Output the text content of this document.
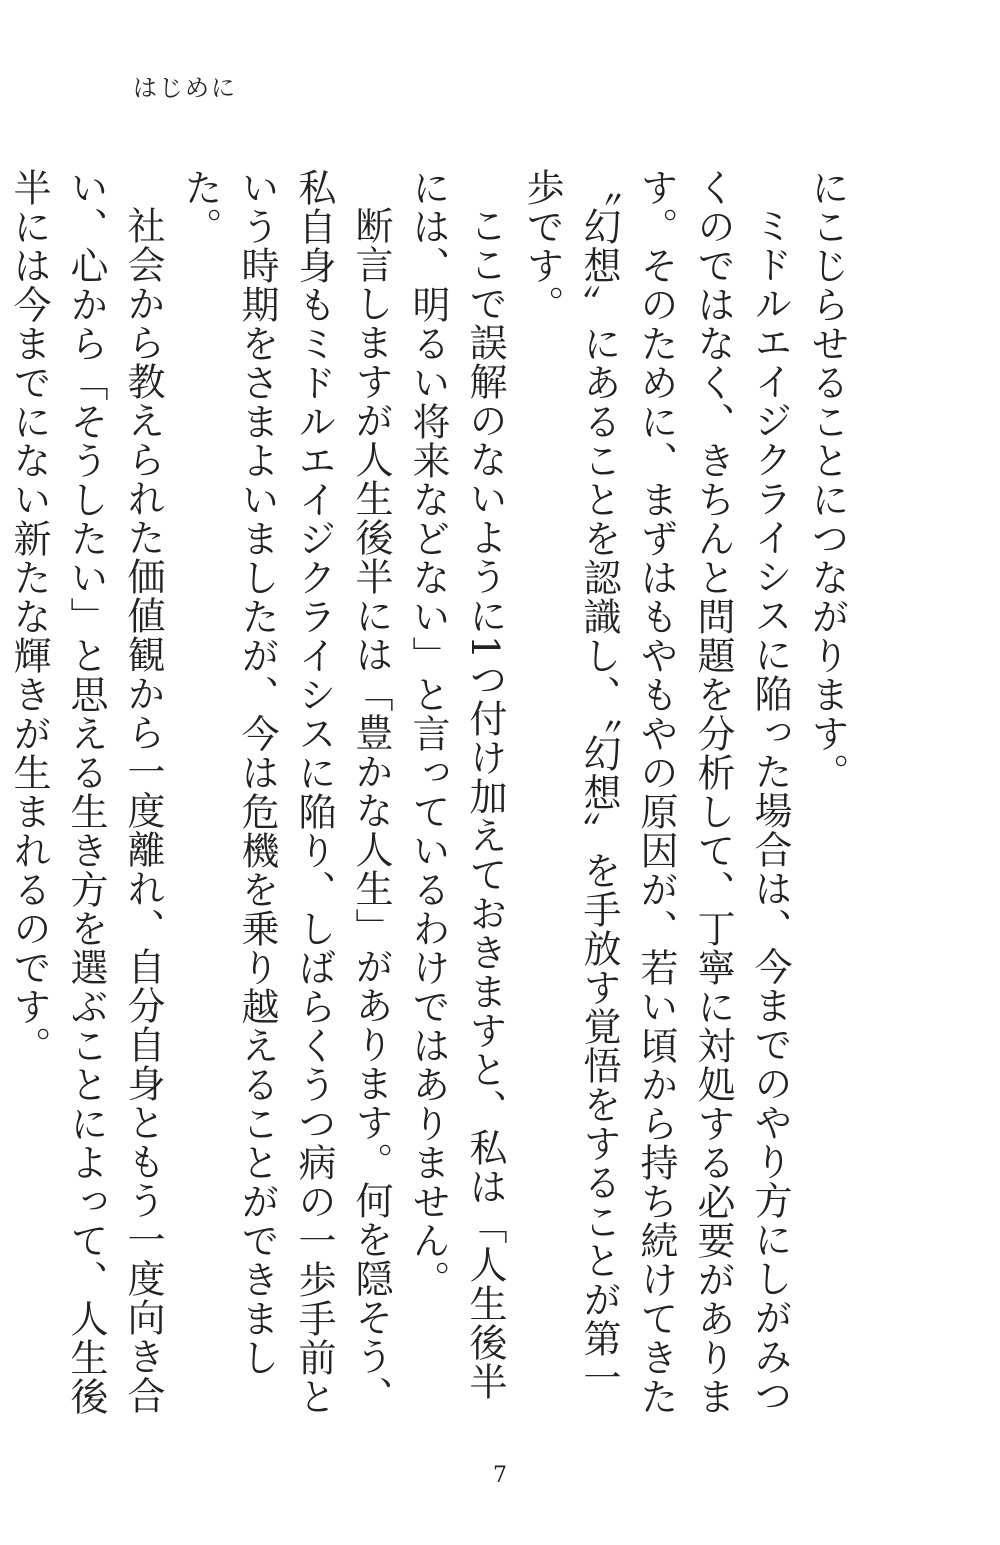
はじめに

にこじらせることにつながります。

ミドルエイジクライシスに陥った場合は、今までのやり方にしがみつくのではなく、きちんと問題を分析して、丁寧に対処する必要があります。そのために、まずはもやもやの原因が、若い頃から持ち続けてきた〝幻想〟にあることを認識し、〝幻想〟を手放す覚悟をすることが第一歩です。

ここで誤解のないように1つ付け加えておきますと、私は「人生後半には、明るい将来などない」と言っているわけではありません。

断言しますが人生後半には「豊かな人生」があります。何を隠そう、私自身もミドルエイジクライシスに陥り、しばらくうつ病の一歩手前という時期をさまよいましたが、今は危機を乗り越えることができました。

社会から教えられた価値観から一度離れ、自分自身ともう一度向き合い、心から「そうしたい」と思える生き方を選ぶことによって、人生後半には今までにない新たな輝きが生まれるのです。

7
